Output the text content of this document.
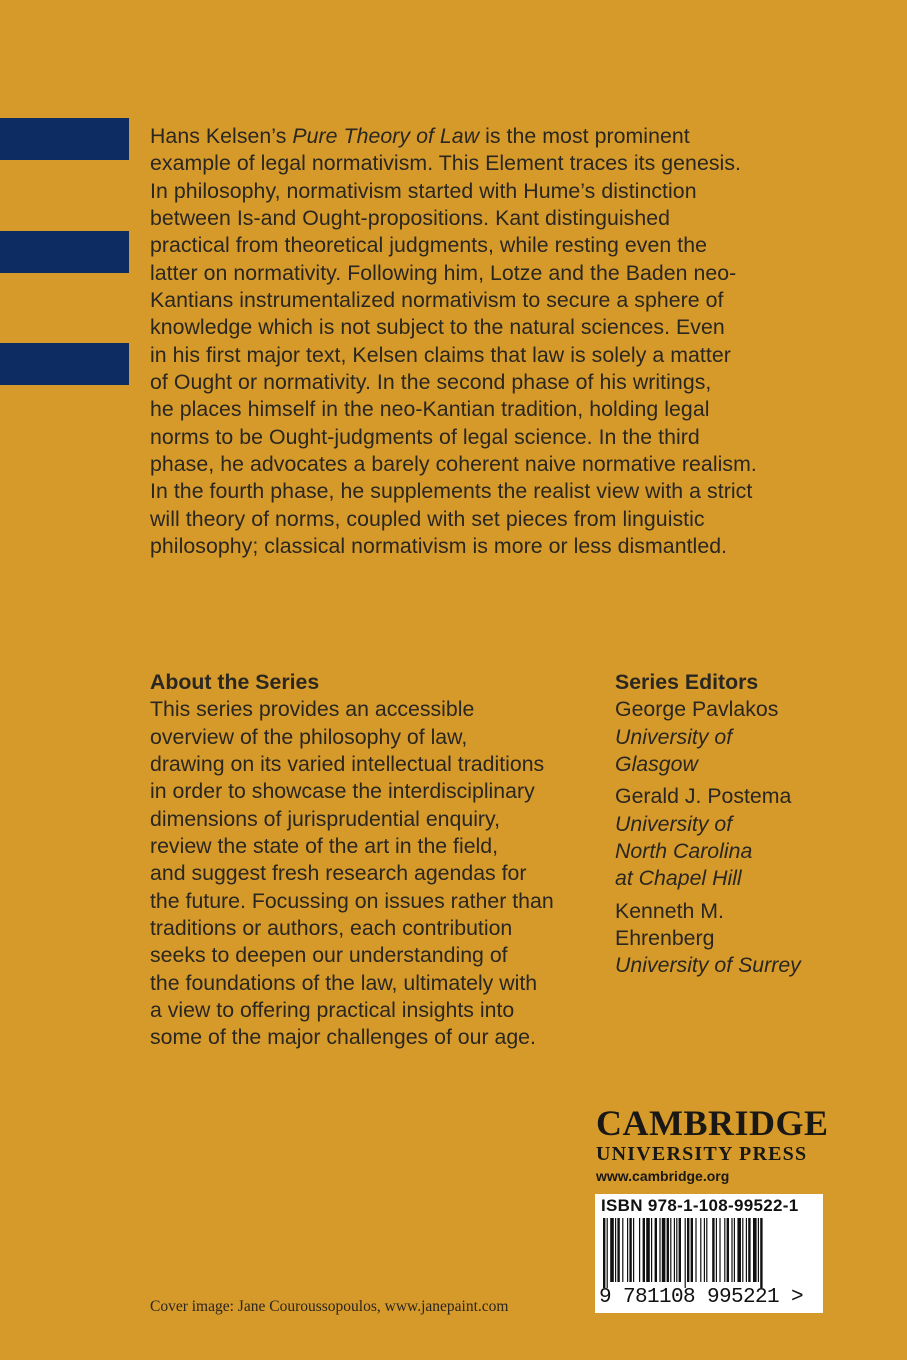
Hans Kelsen’s Pure Theory of Law is the most prominent
example of legal normativism. This Element traces its genesis.
In philosophy, normativism started with Hume’s distinction
between Is-and Ought-propositions. Kant distinguished
practical from theoretical judgments, while resting even the
latter on normativity. Following him, Lotze and the Baden neo-
Kantians instrumentalized normativism to secure a sphere of
knowledge which is not subject to the natural sciences. Even
in his first major text, Kelsen claims that law is solely a matter
of Ought or normativity. In the second phase of his writings,
he places himself in the neo-Kantian tradition, holding legal
norms to be Ought-judgments of legal science. In the third
phase, he advocates a barely coherent naive normative realism.
In the fourth phase, he supplements the realist view with a strict
will theory of norms, coupled with set pieces from linguistic
philosophy; classical normativism is more or less dismantled.
About the Series
This series provides an accessible
overview of the philosophy of law,
drawing on its varied intellectual traditions
in order to showcase the interdisciplinary
dimensions of jurisprudential enquiry,
review the state of the art in the field,
and suggest fresh research agendas for
the future. Focussing on issues rather than
traditions or authors, each contribution
seeks to deepen our understanding of
the foundations of the law, ultimately with
a view to offering practical insights into
some of the major challenges of our age.
Series Editors
George Pavlakos
University of
Glasgow
Gerald J. Postema
University of
North Carolina
at Chapel Hill
Kenneth M.
Ehrenberg
University of Surrey
CAMBRIDGE
UNIVERSITY PRESS
www.cambridge.org
ISBN 978-1-108-99522-1
9 781108 995221 >
Cover image: Jane Couroussopoulos, www.janepaint.com
